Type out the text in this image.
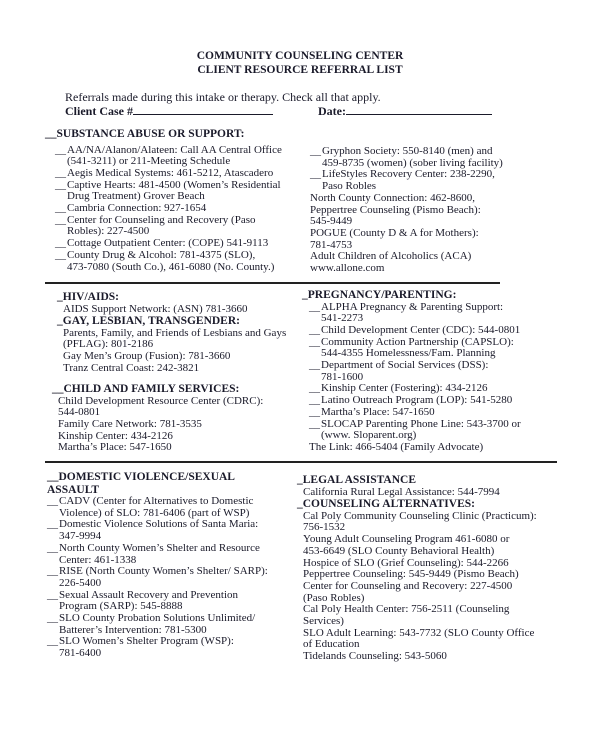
COMMUNITY COUNSELING CENTER
CLIENT RESOURCE REFERRAL LIST
Referrals made during this intake or therapy. Check all that apply.
Client Case #	Date:
__SUBSTANCE ABUSE OR SUPPORT:
__AA/NA/Alanon/Alateen: Call AA Central Office
(541-3211) or 211-Meeting Schedule
__Aegis Medical Systems: 461-5212, Atascadero
__Captive Hearts: 481-4500 (Women’s Residential
Drug Treatment) Grover Beach
__Cambria Connection: 927-1654
__Center for Counseling and Recovery (Paso
Robles): 227-4500
__Cottage Outpatient Center: (COPE) 541-9113
__County Drug & Alcohol: 781-4375 (SLO),
473-7080 (South Co.), 461-6080 (No. County.)
__Gryphon Society: 550-8140 (men) and
459-8735 (women) (sober living facility)
__LifeStyles Recovery Center: 238-2290,
Paso Robles
North County Connection: 462-8600,
Peppertree Counseling (Pismo Beach):
545-9449
POGUE (County D & A for Mothers):
781-4753
Adult Children of Alcoholics (ACA)
www.allone.com
_HIV/AIDS:
AIDS Support Network: (ASN) 781-3660
_GAY, LESBIAN, TRANSGENDER:
Parents, Family, and Friends of Lesbians and Gays
(PFLAG): 801-2186
Gay Men’s Group (Fusion): 781-3660
Tranz Central Coast: 242-3821
__CHILD AND FAMILY SERVICES:
Child Development Resource Center (CDRC):
544-0801
Family Care Network: 781-3535
Kinship Center: 434-2126
Martha’s Place: 547-1650
_PREGNANCY/PARENTING:
__ALPHA Pregnancy & Parenting Support:
541-2273
__Child Development Center (CDC): 544-0801
__Community Action Partnership (CAPSLO):
544-4355 Homelessness/Fam. Planning
__Department of Social Services (DSS):
781-1600
__Kinship Center (Fostering): 434-2126
__Latino Outreach Program (LOP): 541-5280
__Martha’s Place: 547-1650
__SLOCAP Parenting Phone Line: 543-3700 or
(www. Sloparent.org)
The Link: 466-5404 (Family Advocate)
__DOMESTIC VIOLENCE/SEXUAL
ASSAULT
__CADV (Center for Alternatives to Domestic
Violence) of SLO: 781-6406 (part of WSP)
__Domestic Violence Solutions of Santa Maria:
347-9994
__North County Women’s Shelter and Resource
Center: 461-1338
__RISE (North County Women’s Shelter/ SARP):
226-5400
__Sexual Assault Recovery and Prevention
Program (SARP): 545-8888
__SLO County Probation Solutions Unlimited/
Batterer’s Intervention: 781-5300
__SLO Women’s Shelter Program (WSP):
781-6400
_LEGAL ASSISTANCE
California Rural Legal Assistance: 544-7994
_COUNSELING ALTERNATIVES:
Cal Poly Community Counseling Clinic (Practicum):
756-1532
Young Adult Counseling Program 461-6080 or
453-6649 (SLO County Behavioral Health)
Hospice of SLO (Grief Counseling): 544-2266
Peppertree Counseling: 545-9449 (Pismo Beach)
Center for Counseling and Recovery: 227-4500
(Paso Robles)
Cal Poly Health Center: 756-2511 (Counseling
Services)
SLO Adult Learning: 543-7732 (SLO County Office
of Education
Tidelands Counseling: 543-5060
